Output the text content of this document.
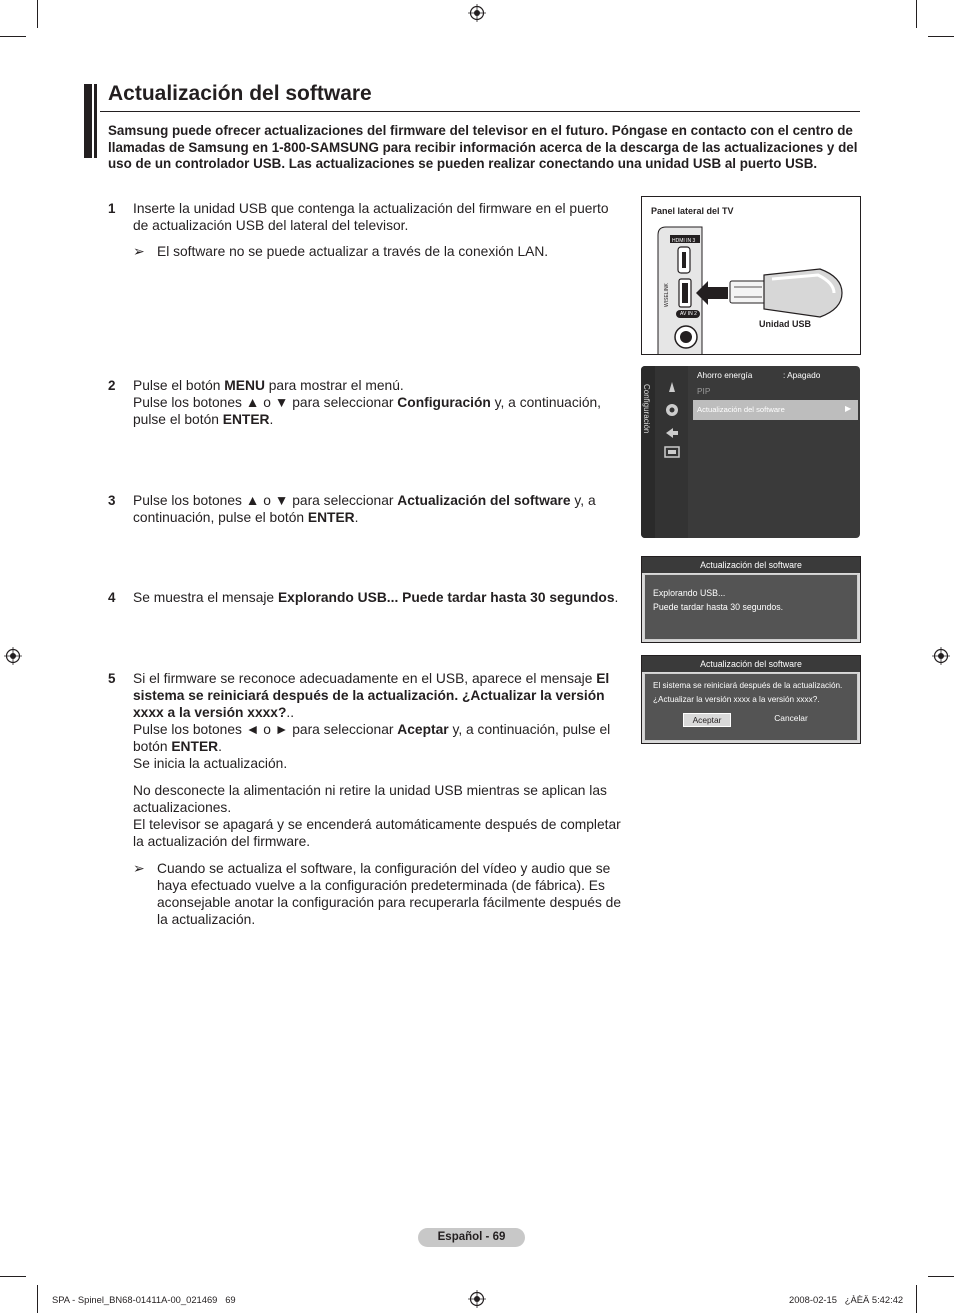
Actualización del software
Samsung puede ofrecer actualizaciones del firmware del televisor en el futuro. Póngase en contacto con el centro de llamadas de Samsung en 1-800-SAMSUNG para recibir información acerca de la descarga de las actualizaciones y del uso de un controlador USB. Las actualizaciones se pueden realizar conectando una unidad USB al puerto USB.
1 Inserte la unidad USB que contenga la actualización del firmware en el puerto
de actualización USB del lateral del televisor.
➢ El software no se puede actualizar a través de la conexión LAN.
Panel lateral del TV
HDMI IN 3
WISELINK
AV IN 2
Unidad USB
2 Pulse el botón MENU para mostrar el menú.
Pulse los botones ▲ o ▼ para seleccionar Configuración y, a continuación,
pulse el botón ENTER.	Configuración
Ahorro energía	: Apagado
PIP
Actualización del software	▶
3 Pulse los botones ▲ o ▼ para seleccionar Actualización del software y, a
continuación, pulse el botón ENTER.
Actualización del software
Explorando USB...
Puede tardar hasta 30 segundos.
4 Se muestra el mensaje Explorando USB... Puede tardar hasta 30 segundos.
Actualización del software
El sistema se reiniciará después de la actualización.
¿Actualizar la versión xxxx a la versión xxxx?.
Aceptar	Cancelar
5 Si el firmware se reconoce adecuadamente en el USB, aparece el mensaje El
sistema se reiniciará después de la actualización. ¿Actualizar la versión
xxxx a la versión xxxx?..
Pulse los botones ◄ o ► para seleccionar Aceptar y, a continuación, pulse el
botón ENTER.
Se inicia la actualización.
No desconecte la alimentación ni retire la unidad USB mientras se aplican las
actualizaciones.
El televisor se apagará y se encenderá automáticamente después de completar
la actualización del firmware.
➢ Cuando se actualiza el software, la configuración del vídeo y audio que se
haya efectuado vuelve a la configuración predeterminada (de fábrica). Es
aconsejable anotar la configuración para recuperarla fácilmente después de
la actualización.
Español - 69
SPA - Spinel_BN68-01411A-00_021469   69	2008-02-15   ¿ÀÈÄ 5:42:42
